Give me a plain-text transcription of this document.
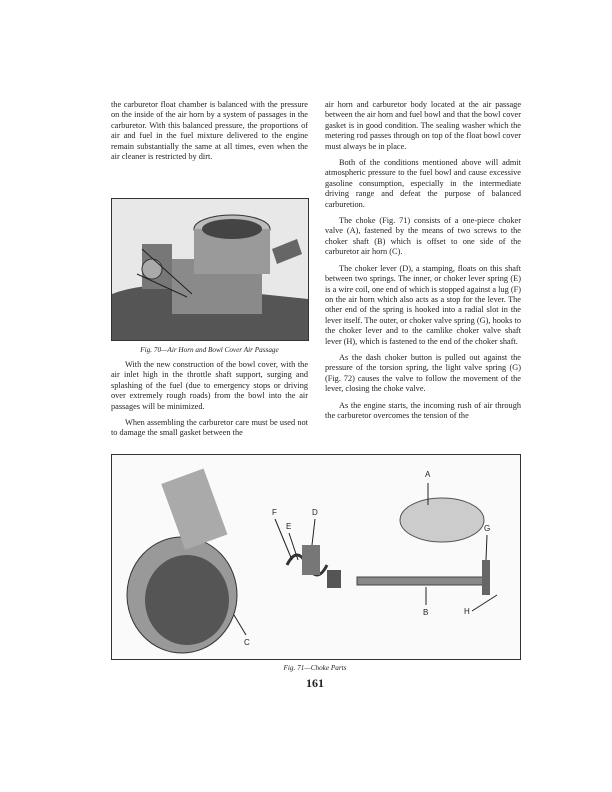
the carburetor float chamber is balanced with the pressure on the inside of the air horn by a system of passages in the carburetor. With this balanced pressure, the proportions of air and fuel in the fuel mixture delivered to the engine remain substantially the same at all times, even when the air cleaner is restricted by dirt.

Fig. 70—Air Horn and Bowl Cover Air Passage

With the new construction of the bowl cover, with the air inlet high in the throttle shaft support, surging and splashing of the fuel (due to emergency stops or driving over extremely rough roads) from the bowl into the air passages will be minimized.

When assembling the carburetor care must be used not to damage the small gasket between the

air horn and carburetor body located at the air passage between the air horn and fuel bowl and that the bowl cover gasket is in good condition. The sealing washer which the metering rod passes through on top of the float bowl cover must always be in place.

Both of the conditions mentioned above will admit atmospheric pressure to the fuel bowl and cause excessive gasoline consumption, especially in the intermediate driving range and defeat the purpose of balanced carburetion.

The choke (Fig. 71) consists of a one-piece choker valve (A), fastened by the means of two screws to the choker shaft (B) which is offset to one side of the carburetor air horn (C).

The choker lever (D), a stamping, floats on this shaft between two springs. The inner, or choker lever spring (E) is a wire coil, one end of which is stopped against a lug (F) on the air horn which also acts as a stop for the lever. The other end of the spring is hooked into a radial slot in the lever itself. The outer, or choker valve spring (G), hooks to the choker lever and to the camlike choker valve shaft lever (H), which is fastened to the end of the choker shaft.

As the dash choker button is pulled out against the pressure of the torsion spring, the light valve spring (G) (Fig. 72) causes the valve to follow the movement of the lever, closing the choke valve.

As the engine starts, the incoming rush of air through the carburetor overcomes the tension of the

A
F	D
E	G
B	H
C
Fig. 71—Choke Parts
161
